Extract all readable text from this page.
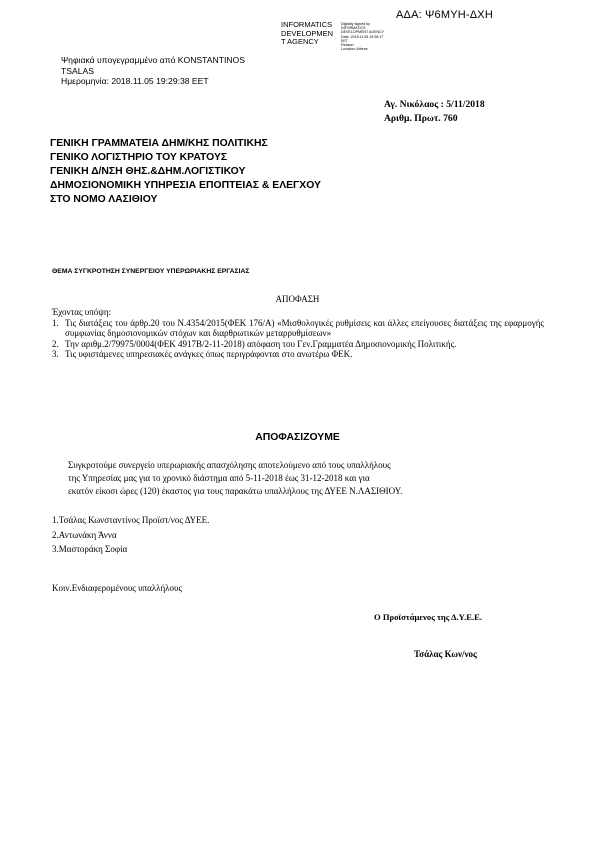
ΑΔΑ: Ψ6ΜΥΗ-ΔΧΗ
INFORMATICS
DEVELOPMEN
T AGENCY
Digitally signed by
INFORMATICS
DEVELOPMENT AGENCY
Date: 2018.11.05 19:28:17
EET
Reason:
Location: Athens
Ψηφιακά υπογεγραμμένο από KONSTANTINOS
TSALAS
Ημερομηνία: 2018.11.05 19:29:38 EET
Αγ. Νικόλαος : 5/11/2018
Αριθμ. Πρωτ. 760
ΓΕΝΙΚΗ ΓΡΑΜΜΑΤΕΙΑ ΔΗΜ/ΚΗΣ ΠΟΛΙΤΙΚΗΣ
ΓΕΝΙΚΟ ΛΟΓΙΣΤΗΡΙΟ ΤΟΥ ΚΡΑΤΟΥΣ
ΓΕΝΙΚΗ Δ/ΝΣΗ ΘΗΣ.&ΔΗΜ.ΛΟΓΙΣΤΙΚΟΥ
ΔΗΜΟΣΙΟΝΟΜΙΚΗ ΥΠΗΡΕΣΙΑ ΕΠΟΠΤΕΙΑΣ & ΕΛΕΓΧΟΥ
ΣΤΟ ΝΟΜΟ ΛΑΣΙΘΙΟΥ
ΘΕΜΑ ΣΥΓΚΡΟΤΗΣΗ ΣΥΝΕΡΓΕΙΟΥ ΥΠΕΡΩΡΙΑΚΗΣ ΕΡΓΑΣΙΑΣ
ΑΠΟΦΑΣΗ
Έχοντας υπόψη:
1. Τις διατάξεις του άρθρ.20 του Ν.4354/2015(ΦΕΚ 176/Α) «Μισθολογικές ρυθμίσεις και άλλες επείγουσες διατάξεις της εφαρμογής συμφωνίας δημοσιονομικών στόχων και διαρθρωτικών μεταρρυθμίσεων»
2. Την αριθμ.2/79975/0004(ΦΕΚ 4917Β/2-11-2018) απόφαση του Γεν.Γραμματέα Δημοσιονομικής Πολιτικής.
3. Τις υφιστάμενες υπηρεσιακές ανάγκες όπως περιγράφονται στο ανωτέρω ΦΕΚ.
ΑΠΟΦΑΣΙΖΟΥΜΕ
Συγκροτούμε συνεργείο υπερωριακής απασχόλησης αποτελούμενο από τους υπαλλήλους
της Υπηρεσίας μας για το χρονικό διάστημα από 5-11-2018 έως 31-12-2018 και για
εκατόν είκοσι ώρες (120) έκαστος για τους παρακάτω υπαλλήλους της ΔΥΕΕ Ν.ΛΑΣΙΘΙΟΥ.
1.Τσάλας Κωνσταντίνος Προϊστ/νος ΔΥΕΕ.
2.Αντωνάκη Άννα
3.Μαστοράκη Σοφία
Κοιν.Ενδιαφερομένους υπαλλήλους
Ο Προϊστάμενος της Δ.Υ.Ε.Ε.
Τσάλας Κων/νος
